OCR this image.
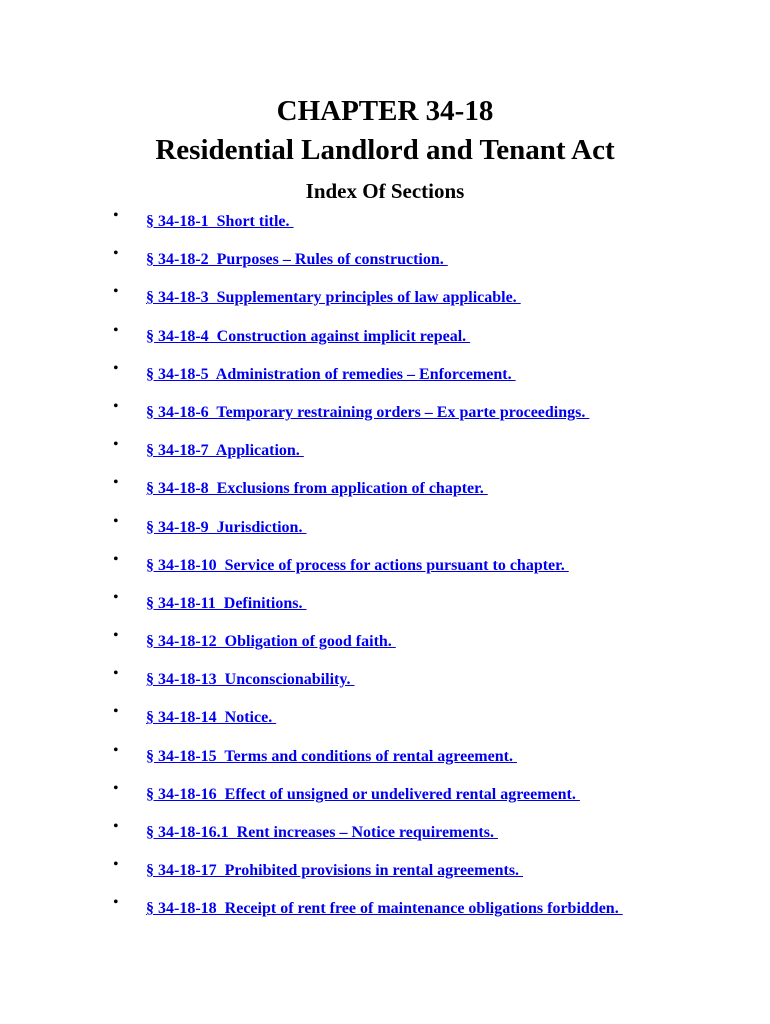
CHAPTER 34-18
Residential Landlord and Tenant Act
Index Of Sections
• § 34-18-1  Short title.
• § 34-18-2  Purposes – Rules of construction.
• § 34-18-3  Supplementary principles of law applicable.
• § 34-18-4  Construction against implicit repeal.
• § 34-18-5  Administration of remedies – Enforcement.
• § 34-18-6  Temporary restraining orders – Ex parte proceedings.
• § 34-18-7  Application.
• § 34-18-8  Exclusions from application of chapter.
• § 34-18-9  Jurisdiction.
• § 34-18-10  Service of process for actions pursuant to chapter.
• § 34-18-11  Definitions.
• § 34-18-12  Obligation of good faith.
• § 34-18-13  Unconscionability.
• § 34-18-14  Notice.
• § 34-18-15  Terms and conditions of rental agreement.
• § 34-18-16  Effect of unsigned or undelivered rental agreement.
• § 34-18-16.1  Rent increases – Notice requirements.
• § 34-18-17  Prohibited provisions in rental agreements.
• § 34-18-18  Receipt of rent free of maintenance obligations forbidden.
